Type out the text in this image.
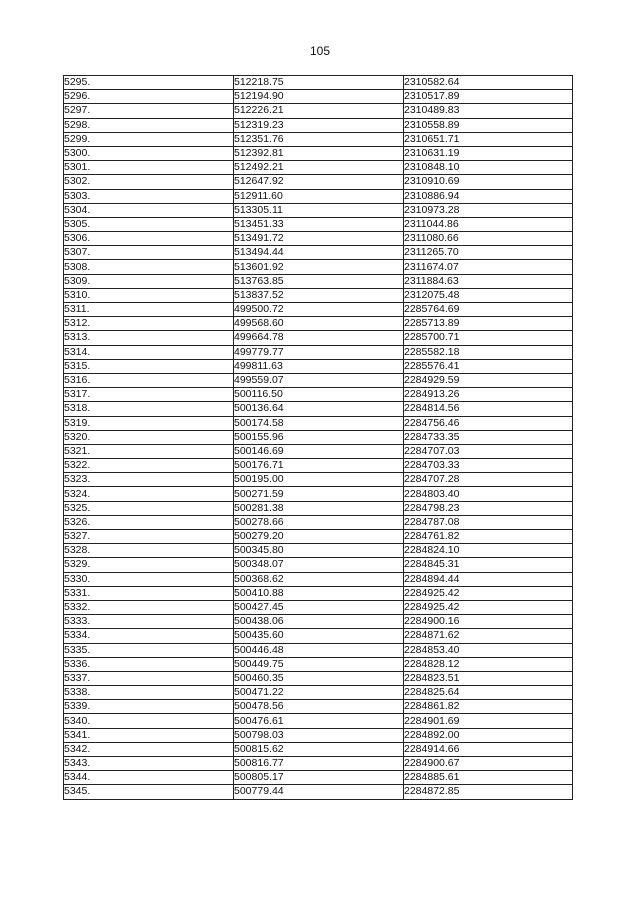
105
5295.	512218.75	2310582.64
5296.	512194.90	2310517.89
5297.	512226.21	2310489.83
5298.	512319.23	2310558.89
5299.	512351.76	2310651.71
5300.	512392.81	2310631.19
5301.	512492.21	2310848.10
5302.	512647.92	2310910.69
5303.	512911.60	2310886.94
5304.	513305.11	2310973.28
5305.	513451.33	2311044.86
5306.	513491.72	2311080.66
5307.	513494.44	2311265.70
5308.	513601.92	2311674.07
5309.	513763.85	2311884.63
5310.	513837.52	2312075.48
5311.	499500.72	2285764.69
5312.	499568.60	2285713.89
5313.	499664.78	2285700.71
5314.	499779.77	2285582.18
5315.	499811.63	2285576.41
5316.	499559.07	2284929.59
5317.	500116.50	2284913.26
5318.	500136.64	2284814.56
5319.	500174.58	2284756.46
5320.	500155.96	2284733.35
5321.	500146.69	2284707.03
5322.	500176.71	2284703.33
5323.	500195.00	2284707.28
5324.	500271.59	2284803.40
5325.	500281.38	2284798.23
5326.	500278.66	2284787.08
5327.	500279.20	2284761.82
5328.	500345.80	2284824.10
5329.	500348.07	2284845.31
5330.	500368.62	2284894.44
5331.	500410.88	2284925.42
5332.	500427.45	2284925.42
5333.	500438.06	2284900.16
5334.	500435.60	2284871.62
5335.	500446.48	2284853.40
5336.	500449.75	2284828.12
5337.	500460.35	2284823.51
5338.	500471.22	2284825.64
5339.	500478.56	2284861.82
5340.	500476.61	2284901.69
5341.	500798.03	2284892.00
5342.	500815.62	2284914.66
5343.	500816.77	2284900.67
5344.	500805.17	2284885.61
5345.	500779.44	2284872.85
